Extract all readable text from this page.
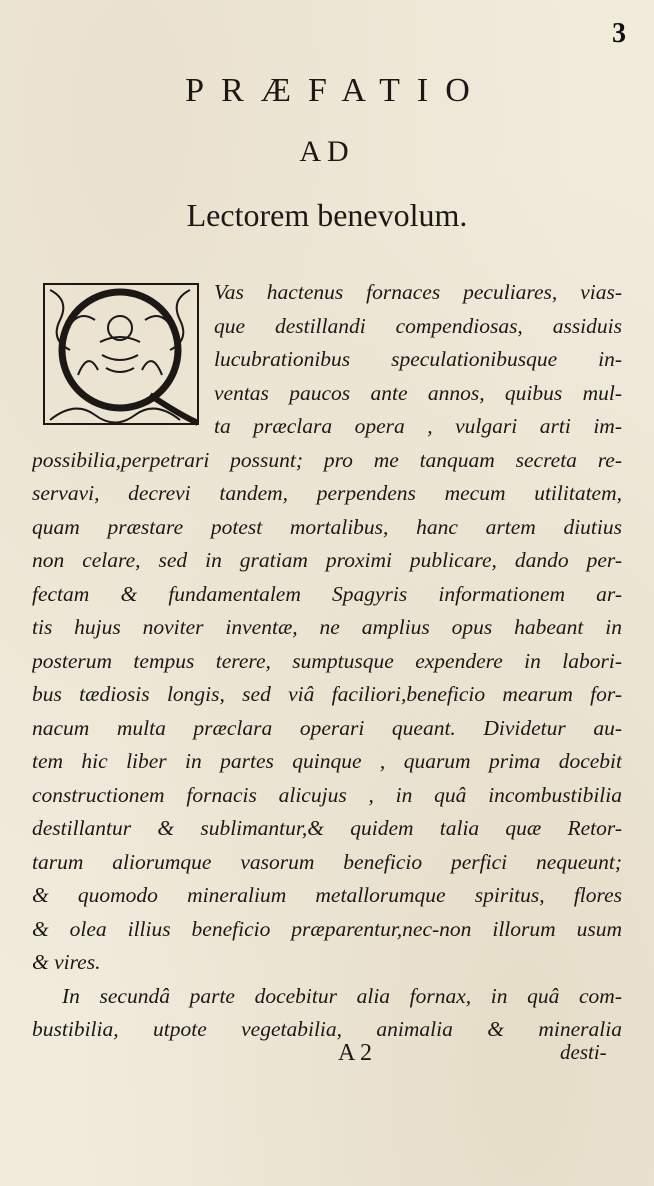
3
PRÆFATIO
AD
Lectorem benevolum.
Vas hactenus fornaces peculiares, vias-
que destillandi compendiosas, assiduis
lucubrationibus speculationibusque in-
ventas paucos ante annos, quibus mul-
ta præclara opera , vulgari arti im-
possibilia,perpetrari possunt; pro me tanquam secreta re-
servavi, decrevi tandem, perpendens mecum utilitatem,
quam præstare potest mortalibus, hanc artem diutius
non celare, sed in gratiam proximi publicare, dando per-
fectam & fundamentalem Spagyris informationem ar-
tis hujus noviter inventæ, ne amplius opus habeant in
posterum tempus terere, sumptusque expendere in labori-
bus tædiosis longis, sed viâ faciliori,beneficio mearum for-
nacum multa præclara operari queant. Dividetur au-
tem hic liber in partes quinque , quarum prima docebit
constructionem fornacis alicujus , in quâ incombustibilia
destillantur & sublimantur,& quidem talia quæ Retor-
tarum aliorumque vasorum beneficio perfici nequeunt;
& quomodo mineralium metallorumque spiritus, flores
& olea illius beneficio præparentur,nec-non illorum usum
& vires.
In secundâ parte docebitur alia fornax, in quâ com-
bustibilia, utpote vegetabilia, animalia & mineralia
A 2	desti-
